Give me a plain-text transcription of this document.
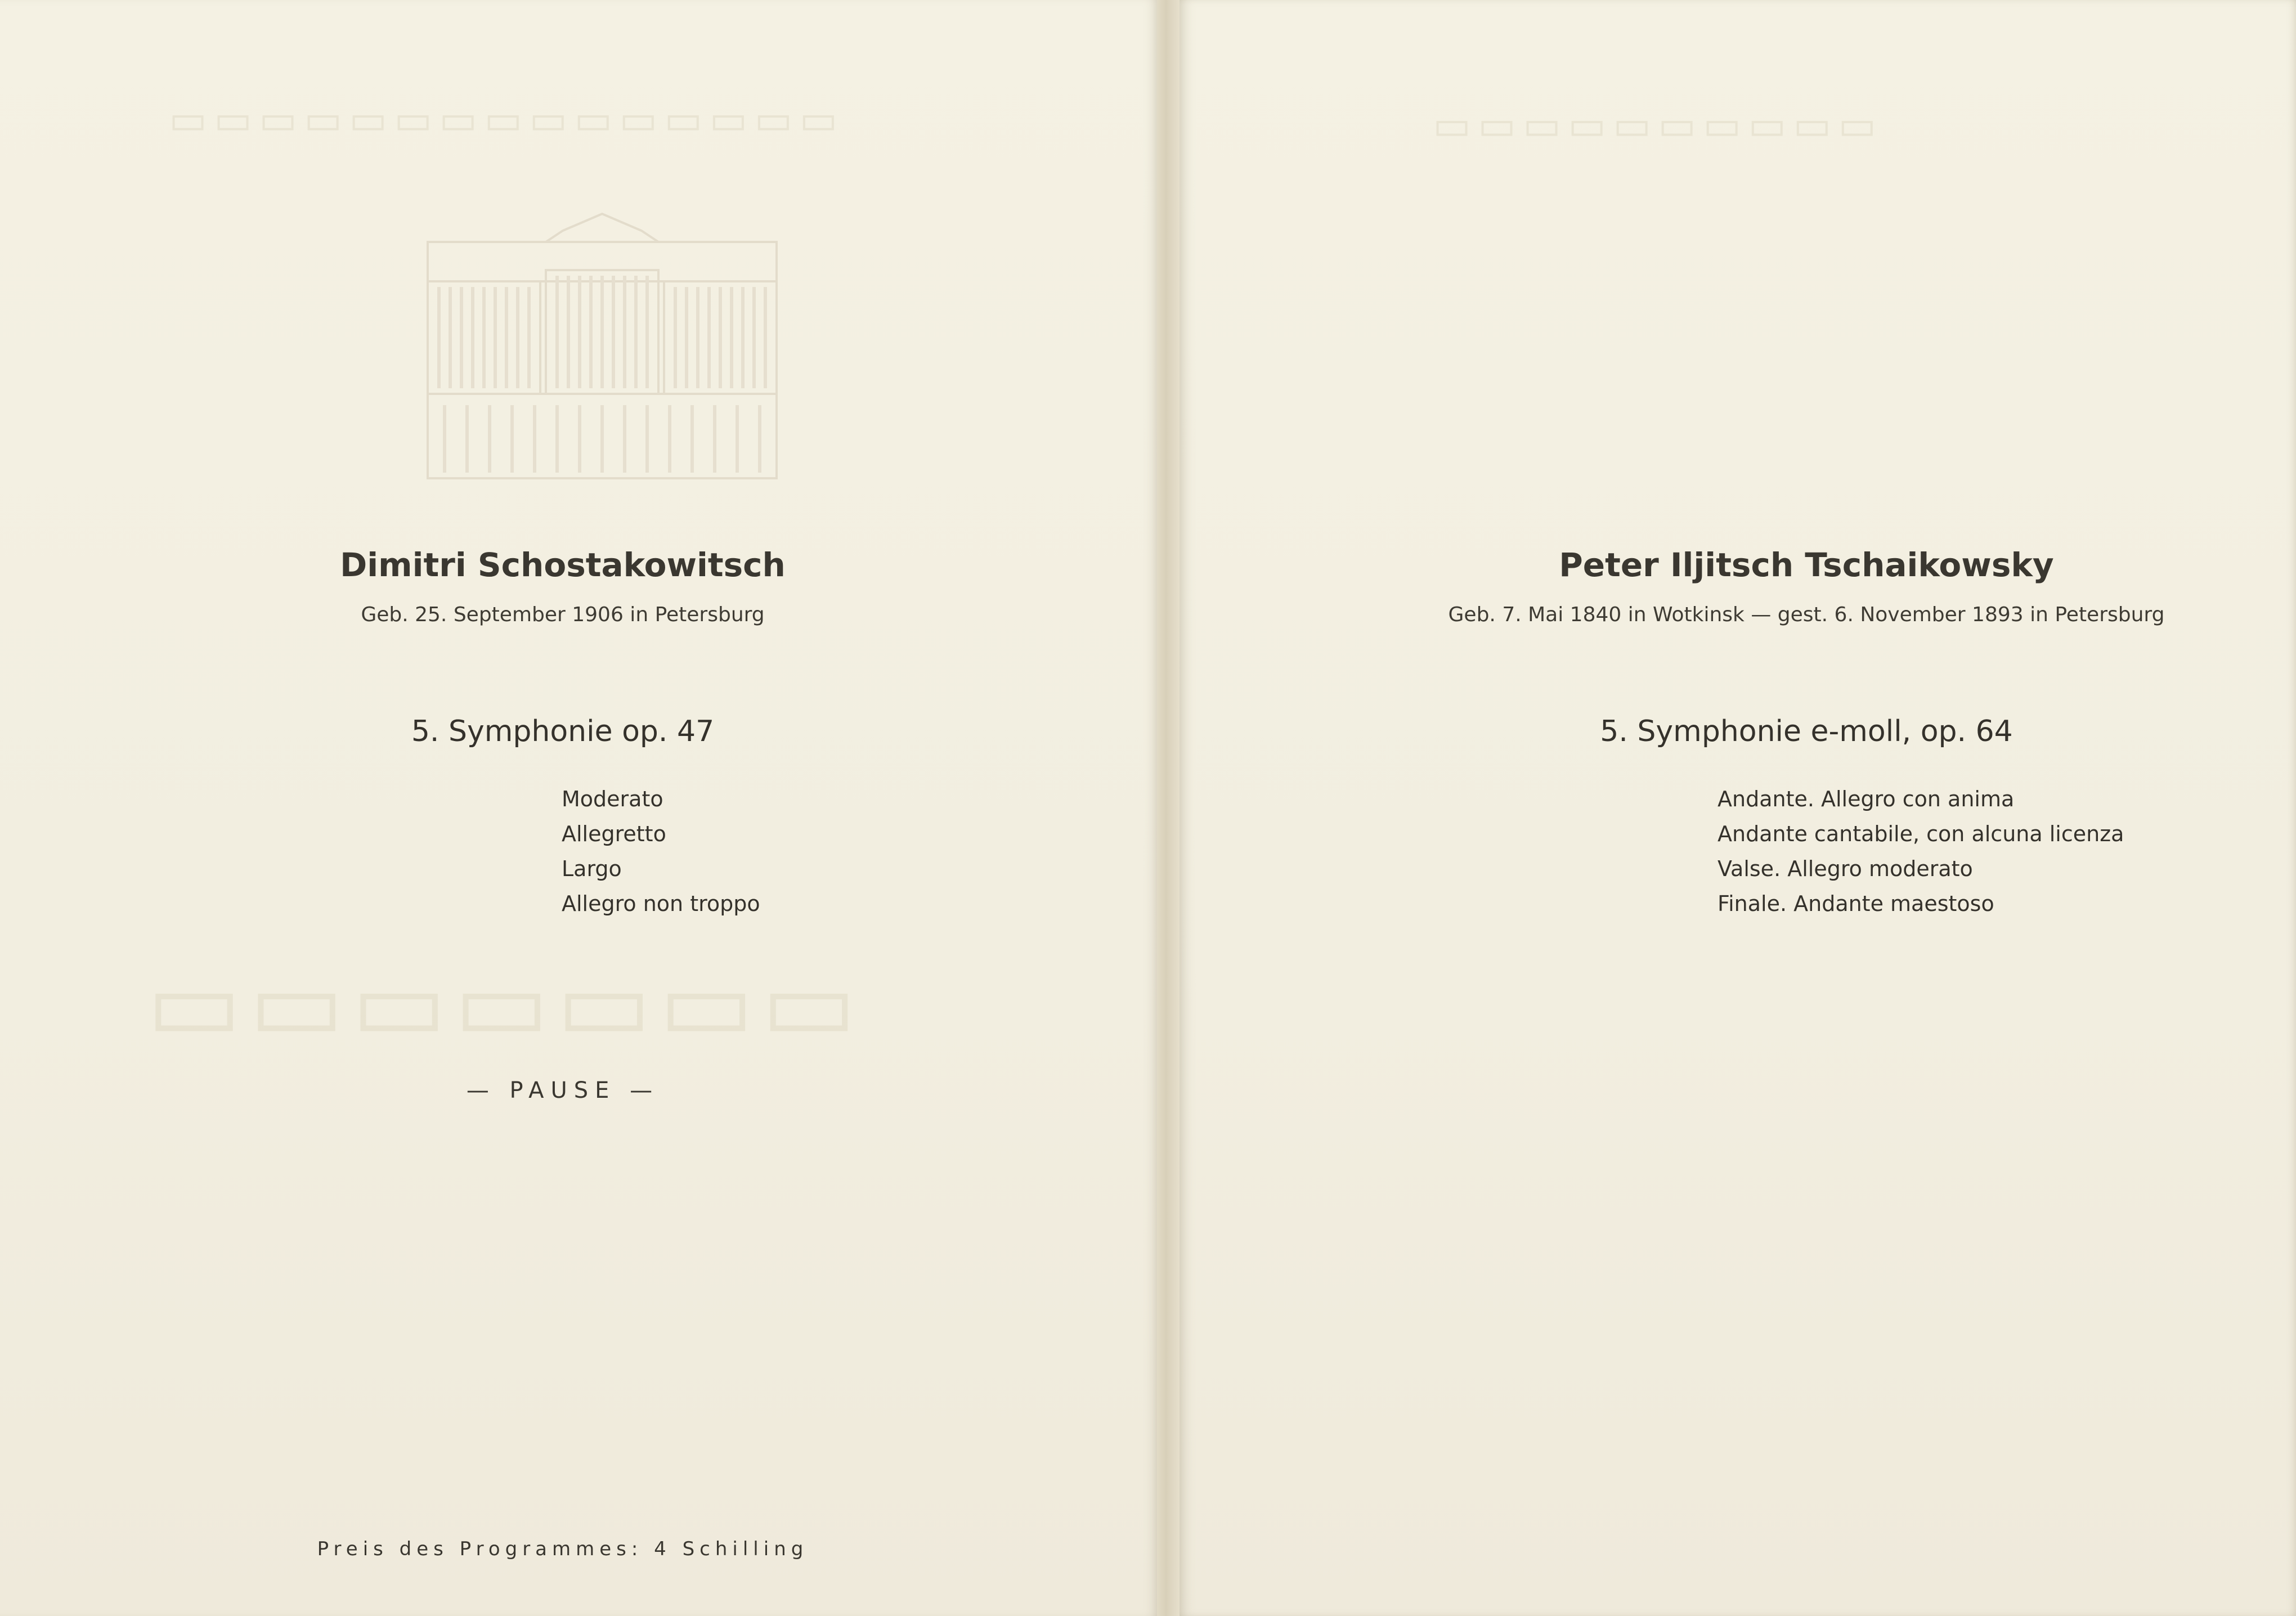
▭▭▭▭▭▭▭▭▭▭▭▭▭▭▭
▭▭▭▭▭▭▭
Dimitri Schostakowitsch
Geb. 25. September 1906 in Petersburg
5. Symphonie op. 47
Moderato
Allegretto
Largo
Allegro non troppo
— PAUSE —
Preis des Programmes: 4 Schilling
▭▭▭▭▭▭▭▭▭▭
Peter Iljitsch Tschaikowsky
Geb. 7. Mai 1840 in Wotkinsk — gest. 6. November 1893 in Petersburg
5. Symphonie e-moll, op. 64
Andante. Allegro con anima
Andante cantabile, con alcuna licenza
Valse. Allegro moderato
Finale. Andante maestoso
